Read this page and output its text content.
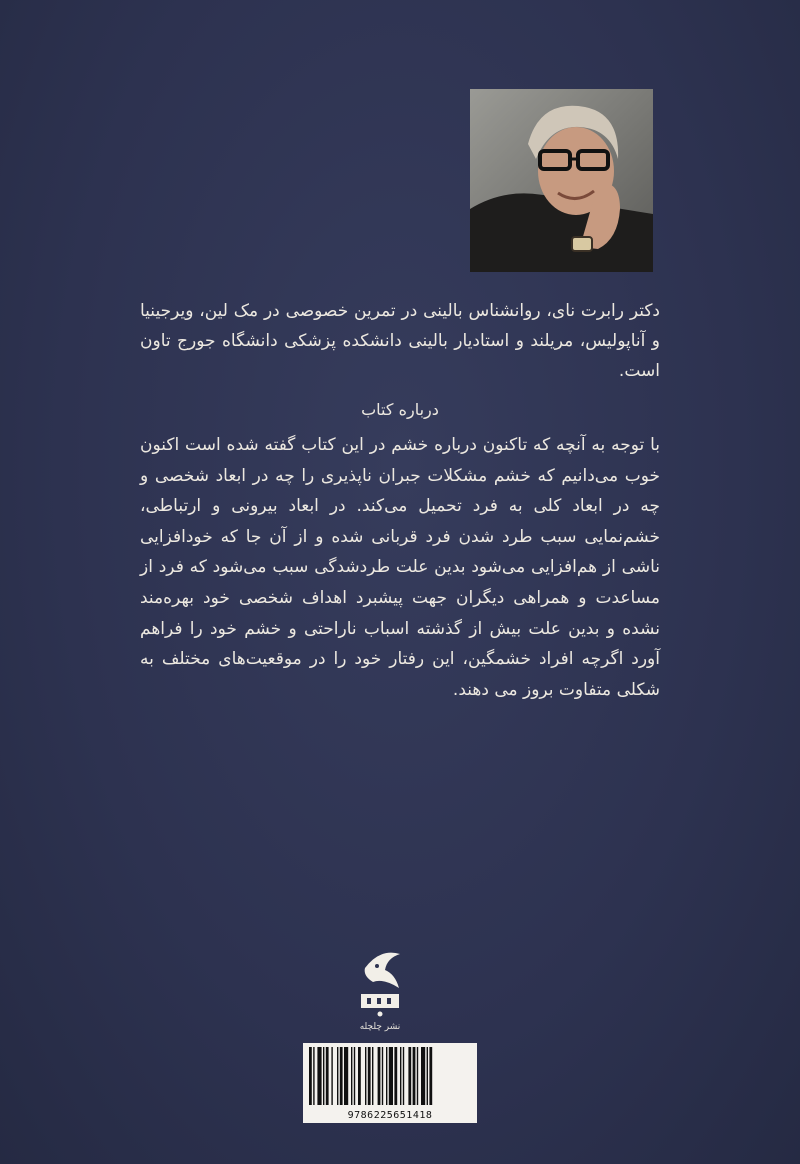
دکتر رابرت نای، روانشناس بالینی در تمرین خصوصی در مک لین، ویرجینیا و آناپولیس، مریلند و استادیار بالینی دانشکده پزشکی دانشگاه جورج تاون است.
درباره کتاب

با توجه به آنچه که تاکنون درباره خشم در این کتاب گفته شده است اکنون خوب می‌دانیم که خشم مشکلات جبران ناپذیری را چه در ابعاد شخصی و چه در ابعاد کلی به فرد تحمیل می‌کند. در ابعاد بیرونی و ارتباطی، خشم‌نمایی سبب طرد شدن فرد قربانی شده و از آن جا که خودافزایی ناشی از هم‌افزایی می‌شود بدین علت طردشدگی سبب می‌شود که فرد از مساعدت و همراهی دیگران جهت پیشبرد اهداف شخصی خود بهره‌مند نشده و بدین علت بیش از گذشته اسباب ناراحتی و خشم خود را فراهم آورد اگرچه افراد خشمگین، این رفتار خود را در موقعیت‌های مختلف به شکلی متفاوت بروز می دهند.

نشر چلچله
9786225651418
